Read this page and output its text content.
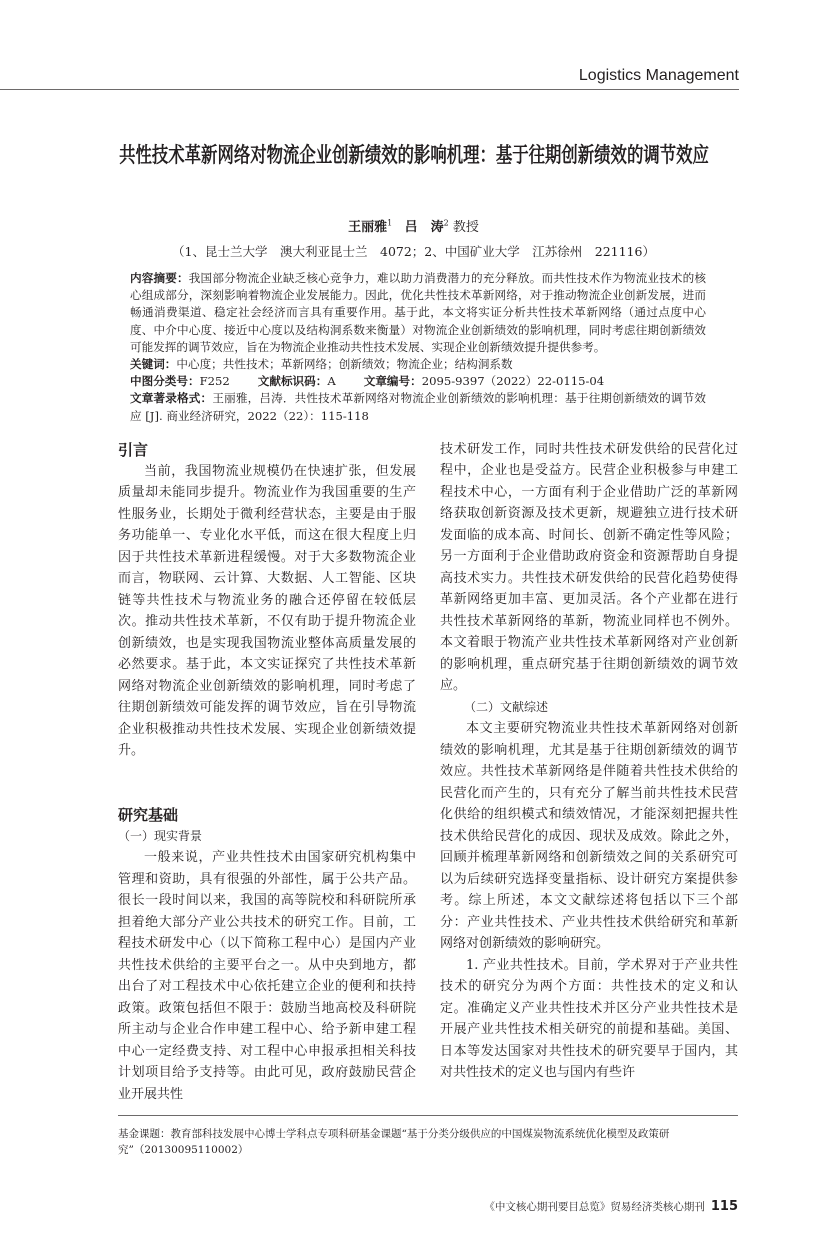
Logistics Management
共性技术革新网络对物流企业创新绩效的影响机理：基于往期创新绩效的调节效应
王丽雅$^1$ 吕　涛$^2$ 教授
（1、昆士兰大学　澳大利亚昆士兰　4072；2、中国矿业大学　江苏徐州　221116）
内容摘要：我国部分物流企业缺乏核心竞争力，难以助力消费潜力的充分释放。而共性技术作为物流业技术的核心组成部分，深刻影响着物流企业发展能力。因此，优化共性技术革新网络，对于推动物流企业创新发展，进而畅通消费渠道、稳定社会经济而言具有重要作用。基于此，本文将实证分析共性技术革新网络（通过点度中心度、中介中心度、接近中心度以及结构洞系数来衡量）对物流企业创新绩效的影响机理，同时考虑往期创新绩效可能发挥的调节效应，旨在为物流企业推动共性技术发展、实现企业创新绩效提升提供参考。
关键词：中心度；共性技术；革新网络；创新绩效；物流企业；结构洞系数
中图分类号：F252 文献标识码：A 文章编号：2095-9397（2022）22-0115-04
文章著录格式：王丽雅，吕涛．共性技术革新网络对物流企业创新绩效的影响机理：基于往期创新绩效的调节效应 [J]. 商业经济研究，2022（22）：115-118
引言

当前，我国物流业规模仍在快速扩张，但发展质量却未能同步提升。物流业作为我国重要的生产性服务业，长期处于微利经营状态，主要是由于服务功能单一、专业化水平低，而这在很大程度上归因于共性技术革新进程缓慢。对于大多数物流企业而言，物联网、云计算、大数据、人工智能、区块链等共性技术与物流业务的融合还停留在较低层次。推动共性技术革新，不仅有助于提升物流企业创新绩效，也是实现我国物流业整体高质量发展的必然要求。基于此，本文实证探究了共性技术革新网络对物流企业创新绩效的影响机理，同时考虑了往期创新绩效可能发挥的调节效应，旨在引导物流企业积极推动共性技术发展、实现企业创新绩效提升。

研究基础
（一）现实背景

一般来说，产业共性技术由国家研究机构集中管理和资助，具有很强的外部性，属于公共产品。很长一段时间以来，我国的高等院校和科研院所承担着绝大部分产业公共技术的研究工作。目前，工程技术研发中心（以下简称工程中心）是国内产业共性技术供给的主要平台之一。从中央到地方，都出台了对工程技术中心依托建立企业的便利和扶持政策。政策包括但不限于：鼓励当地高校及科研院所主动与企业合作申建工程中心、给予新申建工程中心一定经费支持、对工程中心申报承担相关科技计划项目给予支持等。由此可见，政府鼓励民营企业开展共性

技术研发工作，同时共性技术研发供给的民营化过程中，企业也是受益方。民营企业积极参与申建工程技术中心，一方面有利于企业借助广泛的革新网络获取创新资源及技术更新，规避独立进行技术研发面临的成本高、时间长、创新不确定性等风险；另一方面利于企业借助政府资金和资源帮助自身提高技术实力。共性技术研发供给的民营化趋势使得革新网络更加丰富、更加灵活。各个产业都在进行共性技术革新网络的革新，物流业同样也不例外。本文着眼于物流产业共性技术革新网络对产业创新的影响机理，重点研究基于往期创新绩效的调节效应。

（二）文献综述

本文主要研究物流业共性技术革新网络对创新绩效的影响机理，尤其是基于往期创新绩效的调节效应。共性技术革新网络是伴随着共性技术供给的民营化而产生的，只有充分了解当前共性技术民营化供给的组织模式和绩效情况，才能深刻把握共性技术供给民营化的成因、现状及成效。除此之外，回顾并梳理革新网络和创新绩效之间的关系研究可以为后续研究选择变量指标、设计研究方案提供参考。综上所述，本文文献综述将包括以下三个部分：产业共性技术、产业共性技术供给研究和革新网络对创新绩效的影响研究。

1. 产业共性技术。目前，学术界对于产业共性技术的研究分为两个方面：共性技术的定义和认定。准确定义产业共性技术并区分产业共性技术是开展产业共性技术相关研究的前提和基础。美国、日本等发达国家对共性技术的研究要早于国内，其对共性技术的定义也与国内有些许

基金课题：教育部科技发展中心博士学科点专项科研基金课题“基于分类分级供应的中国煤炭物流系统优化模型及政策研究”（20130095110002）
《中文核心期刊要目总览》贸易经济类核心期刊 115
